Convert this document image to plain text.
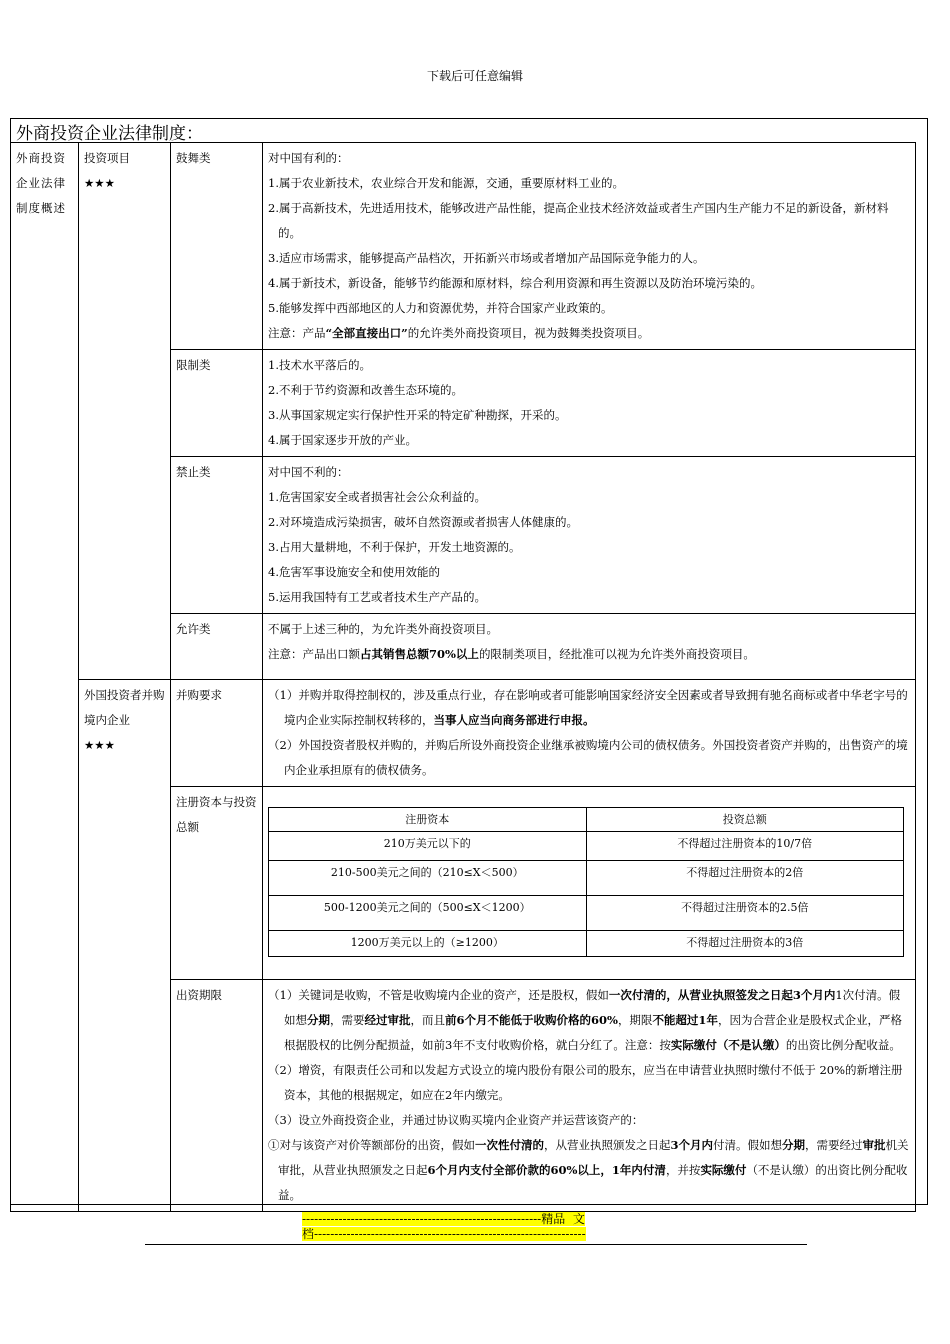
下载后可任意编辑
外商投资企业法律制度：
外商投资企业法律制度概述	
投资项目
★★★
	鼓舞类	对中国有利的：
1.属于农业新技术，农业综合开发和能源，交通，重要原材料工业的。
2.属于高新技术，先进适用技术，能够改进产品性能，提高企业技术经济效益或者生产国内生产能力不足的新设备，新材料的。
3.适应市场需求，能够提高产品档次，开拓新兴市场或者增加产品国际竞争能力的人。
4.属于新技术，新设备，能够节约能源和原材料，综合利用资源和再生资源以及防治环境污染的。
5.能够发挥中西部地区的人力和资源优势，并符合国家产业政策的。
注意：产品“全部直接出口”的允许类外商投资项目，视为鼓舞类投资项目。

限制类	1.技术水平落后的。
2.不利于节约资源和改善生态环境的。
3.从事国家规定实行保护性开采的特定矿种勘探，开采的。
4.属于国家逐步开放的产业。

禁止类	对中国不利的：
1.危害国家安全或者损害社会公众利益的。
2.对环境造成污染损害，破坏自然资源或者损害人体健康的。
3.占用大量耕地，不利于保护，开发土地资源的。
4.危害军事设施安全和使用效能的
5.运用我国特有工艺或者技术生产产品的。

允许类	不属于上述三种的，为允许类外商投资项目。
注意：产品出口额占其销售总额70%以上的限制类项目，经批准可以视为允许类外商投资项目。

外国投资者并购境内企业
★★★
	并购要求	（1）并购并取得控制权的，涉及重点行业，存在影响或者可能影响国家经济安全因素或者导致拥有驰名商标或者中华老字号的境内企业实际控制权转移的，当事人应当向商务部进行申报。
（2）外国投资者股权并购的，并购后所设外商投资企业继承被购境内公司的债权债务。外国投资者资产并购的，出售资产的境内企业承担原有的债权债务。

注册资本与投资总额	
注册资本	投资总额
210万美元以下的	不得超过注册资本的10/7倍
210-500美元之间的（210≤X＜500）	不得超过注册资本的2倍
500-1200美元之间的（500≤X＜1200）	不得超过注册资本的2.5倍
1200万美元以上的（≥1200）	不得超过注册资本的3倍

出资期限	（1）关键词是收购，不管是收购境内企业的资产，还是股权，假如一次付清的，从营业执照签发之日起3个月内1次付清。假如想分期，需要经过审批，而且前6个月不能低于收购价格的60%，期限不能超过1年，因为合营企业是股权式企业，严格根据股权的比例分配损益，如前3年不支付收购价格，就白分红了。注意：按实际缴付（不是认缴）的出资比例分配收益。
（2）增资，有限责任公司和以发起方式设立的境内股份有限公司的股东，应当在申请营业执照时缴付不低于 20%的新增注册资本，其他的根据规定，如应在2年内缴完。
（3）设立外商投资企业，并通过协议购买境内企业资产并运营该资产的：
①对与该资产对价等额部份的出资，假如一次性付清的，从营业执照颁发之日起3个月内付清。假如想分期，需要经过审批机关审批，从营业执照颁发之日起6个月内支付全部价款的60%以上，1年内付清，并按实际缴付（不是认缴）的出资比例分配收益。
-----------------------------------------------------------精品  文
档-------------------------------------------------------------------
